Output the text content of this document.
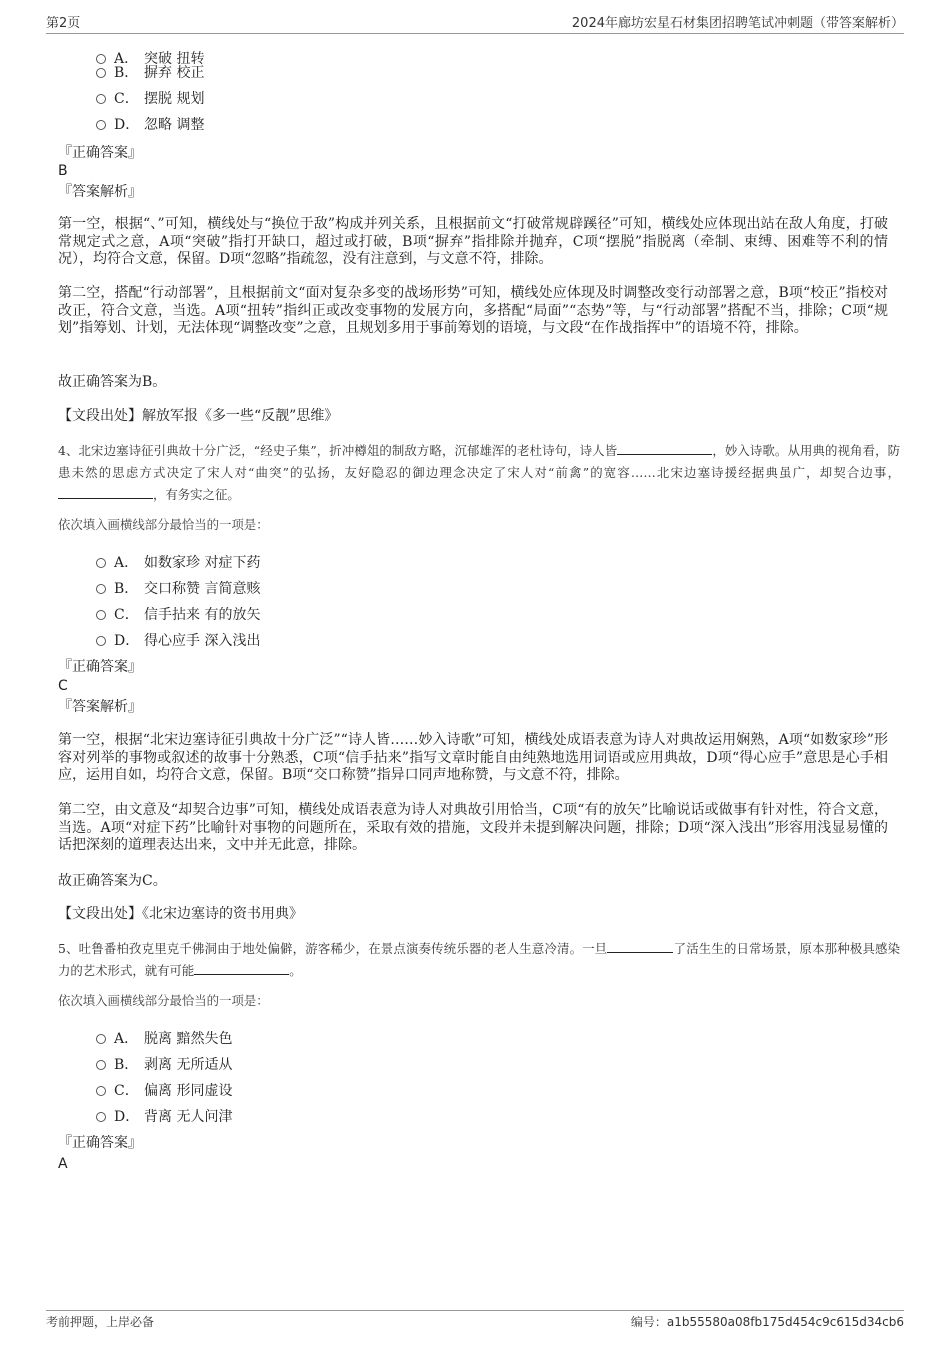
第2页	2024年廊坊宏星石材集团招聘笔试冲刺题（带答案解析）
A． 突破 扭转
B． 摒弃 校正
C． 摆脱 规划
D． 忽略 调整
『正确答案』
B
『答案解析』
第一空，根据“、”可知，横线处与“换位于敌”构成并列关系，且根据前文“打破常规辟蹊径”可知，横线处应体现出站在敌人角度，打破常规定式之意，A项“突破”指打开缺口，超过或打破，B项“摒弃”指排除并抛弃，C项“摆脱”指脱离（牵制、束缚、困难等不利的情况），均符合文意，保留。D项“忽略”指疏忽，没有注意到，与文意不符，排除。
第二空，搭配“行动部署”，且根据前文“面对复杂多变的战场形势”可知，横线处应体现及时调整改变行动部署之意，B项“校正”指校对改正，符合文意，当选。A项“扭转”指纠正或改变事物的发展方向，多搭配“局面”“态势”等，与“行动部署”搭配不当，排除；C项“规划”指筹划、计划，无法体现“调整改变”之意，且规划多用于事前筹划的语境，与文段“在作战指挥中”的语境不符，排除。
故正确答案为B。
【文段出处】解放军报《多一些“反靓”思维》
4、北宋边塞诗征引典故十分广泛，“经史子集”，折冲樽俎的制敌方略，沉郁雄浑的老杜诗句，诗人皆	，妙入诗歌。从用典的视角看，防患未然的思虑方式决定了宋人对“曲突”的弘扬，友好隐忍的御边理念决定了宋人对“前禽”的宽容……北宋边塞诗援经据典虽广，却契合边事，，有务实之征。
依次填入画横线部分最恰当的一项是：
A． 如数家珍 对症下药
B． 交口称赞 言简意赅
C． 信手拈来 有的放矢
D． 得心应手 深入浅出
『正确答案』
C
『答案解析』
第一空，根据“北宋边塞诗征引典故十分广泛”“诗人皆……妙入诗歌”可知，横线处成语表意为诗人对典故运用娴熟，A项“如数家珍”形容对列举的事物或叙述的故事十分熟悉，C项“信手拈来”指写文章时能自由纯熟地选用词语或应用典故，D项“得心应手”意思是心手相应，运用自如，均符合文意，保留。B项“交口称赞”指异口同声地称赞，与文意不符，排除。
第二空，由文意及“却契合边事”可知，横线处成语表意为诗人对典故引用恰当，C项“有的放矢”比喻说话或做事有针对性，符合文意，当选。A项“对症下药”比喻针对事物的问题所在，采取有效的措施，文段并未提到解决问题，排除；D项“深入浅出”形容用浅显易懂的话把深刻的道理表达出来，文中并无此意，排除。
故正确答案为C。
【文段出处】《北宋边塞诗的资书用典》
5、吐鲁番柏孜克里克千佛洞由于地处偏僻，游客稀少，在景点演奏传统乐器的老人生意冷清。一旦	了活生生的日常场景，原本那种极具感染力的艺术形式，就有可能	。
依次填入画横线部分最恰当的一项是：
A． 脱离 黯然失色
B． 剥离 无所适从
C． 偏离 形同虚设
D． 背离 无人问津
『正确答案』
A
考前押题，上岸必备	编号：a1b55580a08fb175d454c9c615d34cb6
